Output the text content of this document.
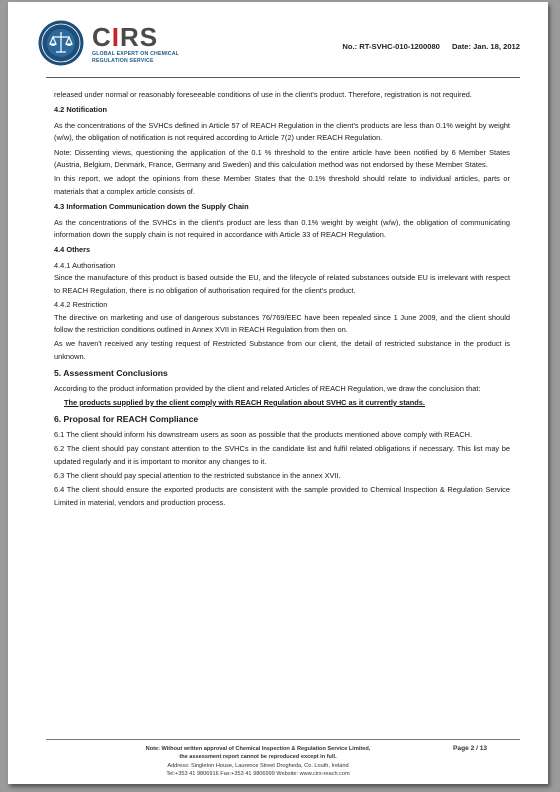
CIRS
GLOBAL EXPERT ON CHEMICAL
REGULATION SERVICE
No.: RT-SVHC-010-1200080 Date: Jan. 18, 2012

released under normal or reasonably foreseeable conditions of use in the client's product. Therefore, registration is not required.

4.2 Notification

As the concentrations of the SVHCs defined in Article 57 of REACH Regulation in the client's products are less than 0.1% weight by weight (w/w), the obligation of notification is not required according to Article 7(2) under REACH Regulation.

Note: Dissenting views, questioning the application of the 0.1 % threshold to the entire article have been notified by 6 Member States (Austria, Belgium, Denmark, France, Germany and Sweden) and this calculation method was not endorsed by these Member States.

In this report, we adopt the opinions from these Member States that the 0.1% threshold should relate to individual articles, parts or materials that a complex article consists of.

4.3 Information Communication down the Supply Chain

As the concentrations of the SVHCs in the client's product are less than 0.1% weight by weight (w/w), the obligation of communicating information down the supply chain is not required in accordance with Article 33 of REACH Regulation.

4.4 Others

4.4.1 Authorisation

Since the manufacture of this product is based outside the EU, and the lifecycle of related substances outside EU is irrelevant with respect to REACH Regulation, there is no obligation of authorisation required for the client's product.

4.4.2 Restriction

The directive on marketing and use of dangerous substances 76/769/EEC have been repealed since 1 June 2009, and the client should follow the restriction conditions outlined in Annex XVII in REACH Regulation from then on.

As we haven't received any testing request of Restricted Substance from our client, the detail of restricted substance in the product is unknown.

5. Assessment Conclusions

According to the product information provided by the client and related Articles of REACH Regulation, we draw the conclusion that:

The products supplied by the client comply with REACH Regulation about SVHC as it currently stands.
6. Proposal for REACH Compliance

6.1 The client should inform his downstream users as soon as possible that the products mentioned above comply with REACH.

6.2 The client should pay constant attention to the SVHCs in the candidate list and fulfil related obligations if necessary. This list may be updated regularly and it is important to monitor any changes to it.

6.3 The client should pay special attention to the restricted substance in the annex XVII.

6.4 The client should ensure the exported products are consistent with the sample provided to Chemical Inspection & Regulation Service Limited in material, vendors and production process.

Note: Without written approval of Chemical Inspection & Regulation Service Limited,
the assessment report cannot be reproduced except in full.
Address: Singleton House, Laurence Street Drogheda, Co. Louth, Ireland
Tel:+353 41 9806916 Fax:+353 41 9806999 Website: www.cirs-reach.com
Page 2 / 13
